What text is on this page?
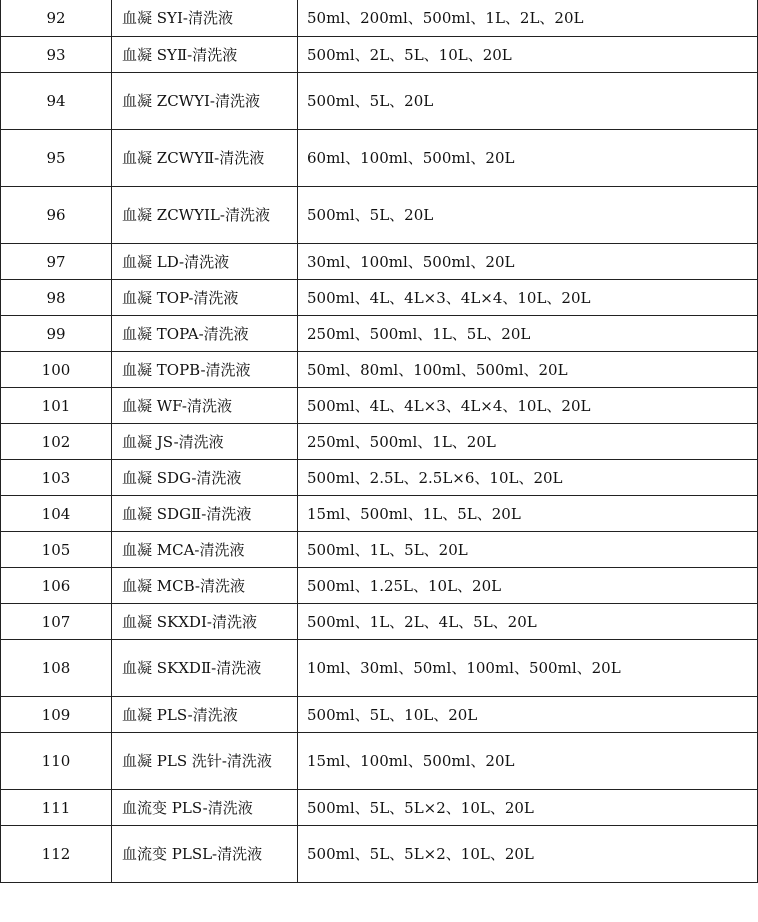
92	血凝 SYⅠ-清洗液	50ml、200ml、500ml、1L、2L、20L
93	血凝 SYⅡ-清洗液	500ml、2L、5L、10L、20L
94	血凝 ZCWYⅠ-清洗液	500ml、5L、20L
95	血凝 ZCWYⅡ-清洗液	60ml、100ml、500ml、20L
96	血凝 ZCWYⅠL-清洗液	500ml、5L、20L
97	血凝 LD-清洗液	30ml、100ml、500ml、20L
98	血凝 TOP-清洗液	500ml、4L、4L×3、4L×4、10L、20L
99	血凝 TOPA-清洗液	250ml、500ml、1L、5L、20L
100	血凝 TOPB-清洗液	50ml、80ml、100ml、500ml、20L
101	血凝 WF-清洗液	500ml、4L、4L×3、4L×4、10L、20L
102	血凝 JS-清洗液	250ml、500ml、1L、20L
103	血凝 SDG-清洗液	500ml、2.5L、2.5L×6、10L、20L
104	血凝 SDGⅡ-清洗液	15ml、500ml、1L、5L、20L
105	血凝 MCA-清洗液	500ml、1L、5L、20L
106	血凝 MCB-清洗液	500ml、1.25L、10L、20L
107	血凝 SKXDI-清洗液	500ml、1L、2L、4L、5L、20L
108	血凝 SKXDⅡ-清洗液	10ml、30ml、50ml、100ml、500ml、20L
109	血凝 PLS-清洗液	500ml、5L、10L、20L
110	血凝 PLS 洗针-清洗液	15ml、100ml、500ml、20L
111	血流变 PLS-清洗液	500ml、5L、5L×2、10L、20L
112	血流变 PLSL-清洗液	500ml、5L、5L×2、10L、20L
